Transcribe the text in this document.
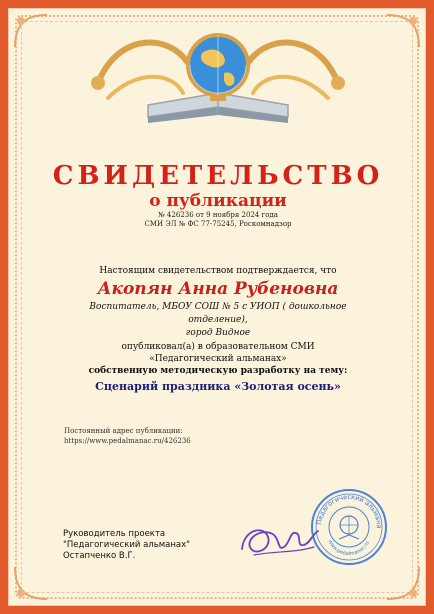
СВИДЕТЕЛЬСТВО
о публикации
№ 426236 от 9 ноября 2024 года
СМИ ЭЛ № ФС 77-75245, Роскомнадзор
Настоящим свидетельством подтверждается, что
Акопян Анна Рубеновна
Воспитатель, МБОУ СОШ № 5 с УИОП ( дошкольное отделение),
город Видное
опубликовал(а) в образовательном СМИ
«Педагогический альманах»
собственную методическую разработку на тему:
Сценарий праздника «Золотая осень»
Постоянный адрес публикации:
https://www.pedalmanac.ru/426236
Руководитель проекта
"Педагогический альманах"
Остапченко В.Г.
Педагогический альмана
www.pedalmanac.ru
